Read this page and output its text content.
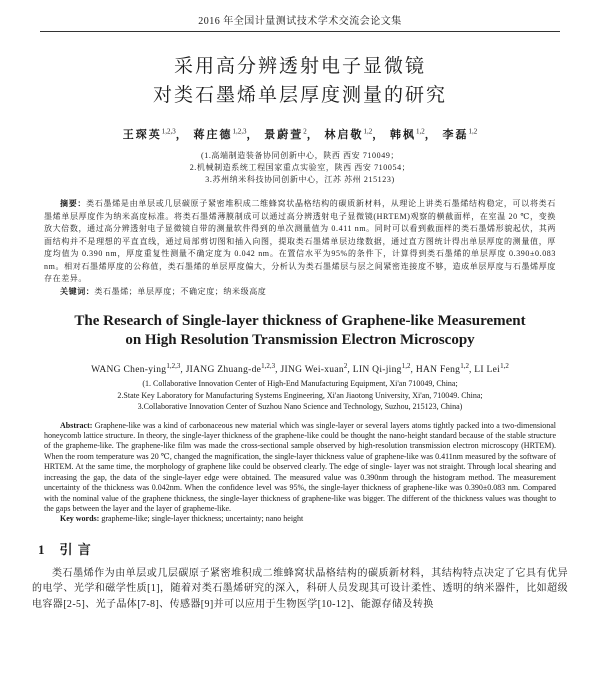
2016 年全国计量测试技术学术交流会论文集
采用高分辨透射电子显微镜
对类石墨烯单层厚度测量的研究
王琛英$^{1,2,3}$， 蒋庄德$^{1,2,3}$， 景蔚萱$^2$， 林启敬$^{1,2}$， 韩枫$^{1,2}$， 李磊$^{1,2}$
(1.高端制造装备协同创新中心，陕西 西安 710049；
2.机械制造系统工程国家重点实验室，陕西 西安 710054；
3.苏州纳米科技协同创新中心，江苏 苏州 215123)
摘要：类石墨烯是由单层或几层碳原子紧密堆积成二维蜂窝状晶格结构的碳质新材料，从理论上讲类石墨烯结构稳定，可以将类石墨烯单层厚度作为纳米高度标准。将类石墨烯薄膜制成可以通过高分辨透射电子显微镜(HRTEM)观察的横截面样，在室温 20 ℃，变换放大倍数，通过高分辨透射电子显微镜自带的测量软件得到的单次测量值为 0.411 nm。同时可以看到截面样的类石墨烯形貌起伏，其两面结构并不是理想的平直直线，通过局部剪切图和插入向图，提取类石墨烯单层边缘数据，通过直方图统计得出单层厚度的测量值，厚度均值为 0.390 nm，厚度重复性测量不确定度为 0.042 nm。在置信水平为95%的条件下，计算得到类石墨烯的单层厚度 0.390±0.083 nm。相对石墨烯厚度的公称值，类石墨烯的单层厚度偏大，分析认为类石墨烯层与层之间紧密连接度不够，造成单层厚度与石墨烯厚度存在差异。
关键词：类石墨烯；单层厚度；不确定度；纳米级高度
The Research of Single-layer thickness of Graphene-like Measurement
on High Resolution Transmission Electron Microscopy
WANG Chen-ying$^{1,2,3}$, JIANG Zhuang-de$^{1,2,3}$, JING Wei-xuan$^2$, LIN Qi-jing$^{1,2}$, HAN Feng$^{1,2}$, LI Lei$^{1,2}$
(1. Collaborative Innovation Center of High-End Manufacturing Equipment, Xi'an 710049, China;
2.State Key Laboratory for Manufacturing Systems Engineering, Xi'an Jiaotong University, Xi'an, 710049. China;
3.Collaborative Innovation Center of Suzhou Nano Science and Technology, Suzhou, 215123, China)
Abstract: Graphene-like was a kind of carbonaceous new material which was single-layer or several layers atoms tightly packed into a two-dimensional honeycomb lattice structure. In theory, the single-layer thickness of the graphene-like could be thought the nano-height standard because of the stable structure of the grapheme-like. The graphene-like film was made the cross-sectional sample observed by high-resolution transmission electron microscopy (HRTEM). When the room temperature was 20 ℃, changed the magnification, the single-layer thickness value of graphene-like was 0.411nm measured by the software of HRTEM. At the same time, the morphology of graphene like could be observed clearly. The edge of single- layer was not straight. Through local shearing and increasing the gap, the data of the single-layer edge were obtained. The measured value was 0.390nm through the histogram method. The measurement uncertainty of the thickness was 0.042nm. When the confidence level was 95%, the single-layer thickness of graphene-like was 0.390±0.083 nm. Compared with the nominal value of the graphene thickness, the single-layer thickness of graphene-like was bigger. The different of the thickness values was thought to the gaps between the layer and the layer of grapheme-like.
Key words: grapheme-like; single-layer thickness; uncertainty; nano height
1 引 言
类石墨烯作为由单层或几层碳原子紧密堆积成二维蜂窝状晶格结构的碳质新材料，其结构特点决定了它具有优异的电学、光学和磁学性质[1]，随着对类石墨烯研究的深入，科研人员发现其可设计柔性、透明的纳米器件，比如超级电容器[2-5]、光子晶体[7-8]、传感器[9]并可以应用于生物医学[10-12]、能源存储及转换
